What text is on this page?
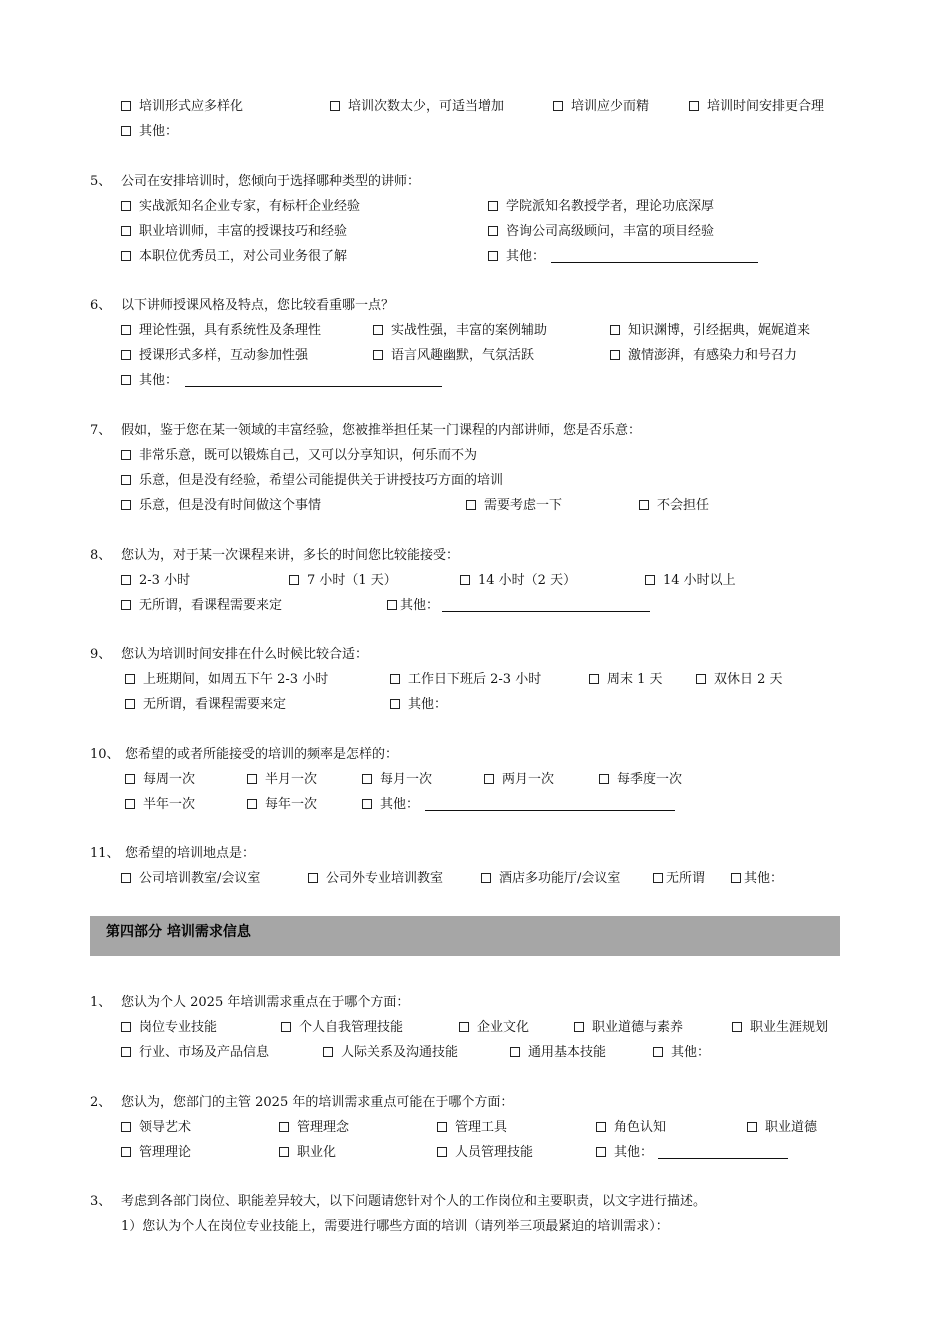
培训形式应多样化	培训次数太少，可适当增加	培训应少而精	培训时间安排更合理
其他：
5、 公司在安排培训时，您倾向于选择哪种类型的讲师：
实战派知名企业专家，有标杆企业经验	学院派知名教授学者，理论功底深厚
职业培训师，丰富的授课技巧和经验	咨询公司高级顾问，丰富的项目经验
本职位优秀员工，对公司业务很了解	其他：
6、 以下讲师授课风格及特点，您比较看重哪一点？
理论性强，具有系统性及条理性	实战性强，丰富的案例辅助	知识渊博，引经据典，娓娓道来
授课形式多样，互动参加性强	语言风趣幽默，气氛活跃	激情澎湃，有感染力和号召力
其他：
7、 假如，鉴于您在某一领域的丰富经验，您被推举担任某一门课程的内部讲师，您是否乐意：
非常乐意，既可以锻炼自己，又可以分享知识，何乐而不为
乐意，但是没有经验，希望公司能提供关于讲授技巧方面的培训
乐意，但是没有时间做这个事情	需要考虑一下	不会担任
8、 您认为，对于某一次课程来讲，多长的时间您比较能接受：
2-3 小时	7 小时（1 天）	14 小时（2 天）	14 小时以上
无所谓，看课程需要来定	其他：
9、 您认为培训时间安排在什么时候比较合适：
上班期间，如周五下午 2-3 小时	工作日下班后 2-3 小时	周末 1 天	双休日 2 天
无所谓，看课程需要来定	其他：
10、 您希望的或者所能接受的培训的频率是怎样的：
每周一次	半月一次	每月一次	两月一次	每季度一次
半年一次	每年一次	其他：
11、 您希望的培训地点是：
公司培训教室/会议室	公司外专业培训教室	酒店多功能厅/会议室	无所谓	其他：
第四部分 培训需求信息
1、 您认为个人 2025 年培训需求重点在于哪个方面：
岗位专业技能	个人自我管理技能	企业文化	职业道德与素养	职业生涯规划
行业、市场及产品信息	人际关系及沟通技能	通用基本技能	其他：
2、 您认为，您部门的主管 2025 年的培训需求重点可能在于哪个方面：
领导艺术	管理理念	管理工具	角色认知	职业道德
管理理论	职业化	人员管理技能	其他：
3、 考虑到各部门岗位、职能差异较大，以下问题请您针对个人的工作岗位和主要职责，以文字进行描述。
1）您认为个人在岗位专业技能上，需要进行哪些方面的培训（请列举三项最紧迫的培训需求）：
